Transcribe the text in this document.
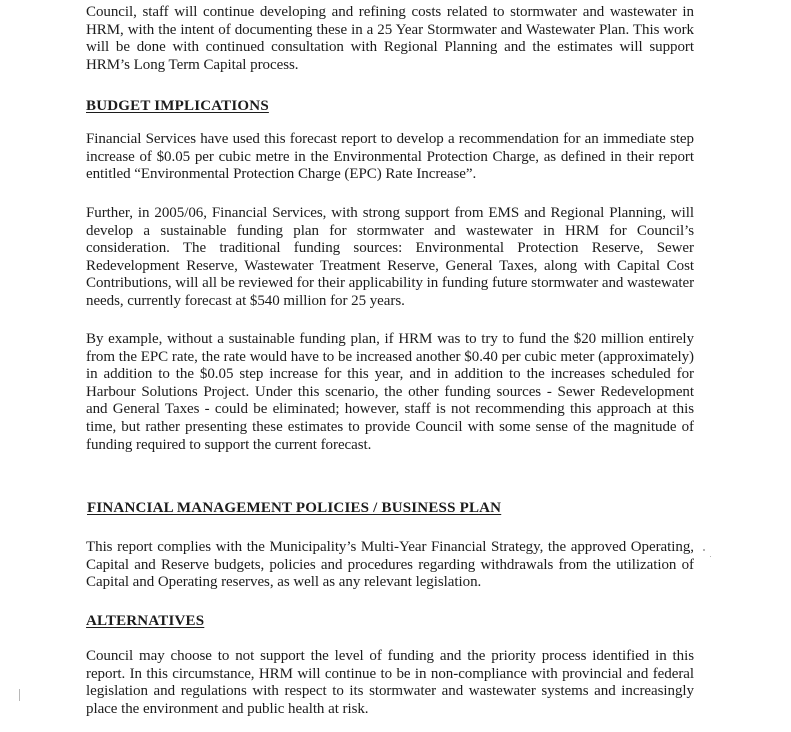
Council, staff will continue developing and refining costs related to stormwater and wastewater in HRM, with the intent of documenting these in a 25 Year Stormwater and Wastewater Plan. This work will be done with continued consultation with Regional Planning and the estimates will support HRM’s Long Term Capital process.

BUDGET IMPLICATIONS

Financial Services have used this forecast report to develop a recommendation for an immediate step increase of $0.05 per cubic metre in the Environmental Protection Charge, as defined in their report entitled “Environmental Protection Charge (EPC) Rate Increase”.

Further, in 2005/06, Financial Services, with strong support from EMS and Regional Planning, will develop a sustainable funding plan for stormwater and wastewater in HRM for Council’s consideration. The traditional funding sources: Environmental Protection Reserve, Sewer Redevelopment Reserve, Wastewater Treatment Reserve, General Taxes, along with Capital Cost Contributions, will all be reviewed for their applicability in funding future stormwater and wastewater needs, currently forecast at $540 million for 25 years.

By example, without a sustainable funding plan, if HRM was to try to fund the $20 million entirely from the EPC rate, the rate would have to be increased another $0.40 per cubic meter (approximately) in addition to the $0.05 step increase for this year, and in addition to the increases scheduled for Harbour Solutions Project. Under this scenario, the other funding sources - Sewer Redevelopment and General Taxes - could be eliminated; however, staff is not recommending this approach at this time, but rather presenting these estimates to provide Council with some sense of the magnitude of funding required to support the current forecast.

FINANCIAL MANAGEMENT POLICIES / BUSINESS PLAN

This report complies with the Municipality’s Multi-Year Financial Strategy, the approved Operating, Capital and Reserve budgets, policies and procedures regarding withdrawals from the utilization of Capital and Operating reserves, as well as any relevant legislation.

ALTERNATIVES

Council may choose to not support the level of funding and the priority process identified in this report. In this circumstance, HRM will continue to be in non-compliance with provincial and federal legislation and regulations with respect to its stormwater and wastewater systems and increasingly place the environment and public health at risk.
